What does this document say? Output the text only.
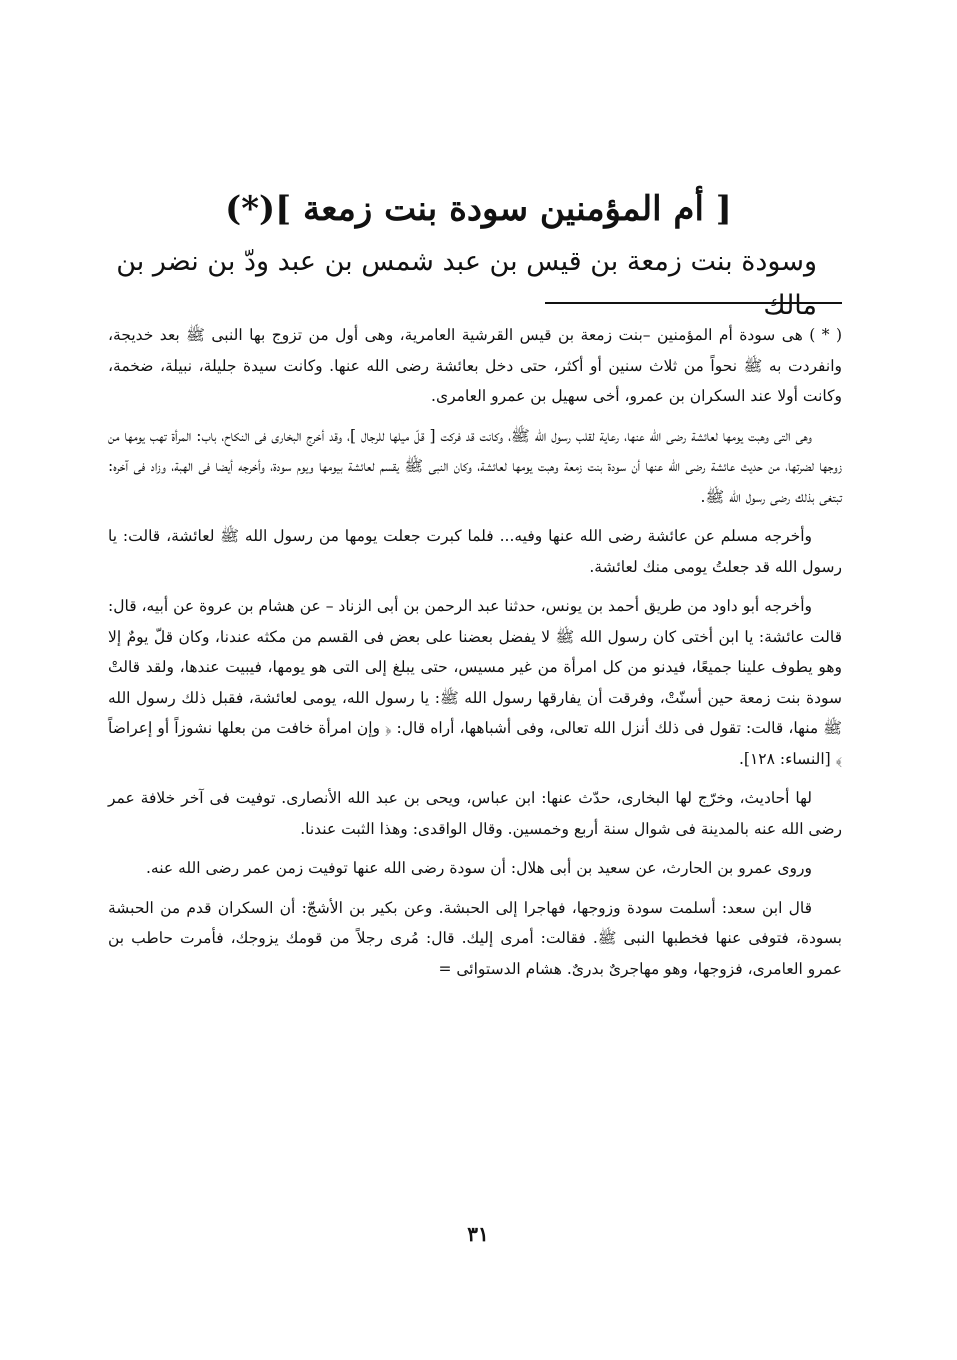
[ أم المؤمنين سودة بنت زمعة ](*)
وسودة بنت زمعة بن قيس بن عبد شمس بن عبد ودّ بن نضر بن مالك

( * ) هى سودة أم المؤمنين –بنت زمعة بن قيس القرشية العامرية، وهى أول من تزوج بها النبى ﷺ بعد خديجة، وانفردت به ﷺ نحواً من ثلاث سنين أو أكثر، حتى دخل بعائشة رضى الله عنها. وكانت سيدة جليلة، نبيلة، ضخمة، وكانت أولا عند السكران بن عمرو، أخى سهيل بن عمرو العامرى.

وهى التى وهبت يومها لعائشة رضى الله عنها، رعاية لقلب رسول الله ﷺ، وكانت قد فركت [ قلّ ميلها للرجال ]، وقد أخرج البخارى فى النكاح، باب: المرأة تهب يومها من زوجها لضرتها، من حديث عائشة رضى الله عنها أن سودة بنت زمعة وهبت يومها لعائشة، وكان النبى ﷺ يقسم لعائشة بيومها ويوم سودة، وأخرجه أيضا فى الهبة، وزاد فى آخره: تبتغى بذلك رضى رسول الله ﷺ.

وأخرجه مسلم عن عائشة رضى الله عنها وفيه... فلما كبرت جعلت يومها من رسول الله ﷺ لعائشة، قالت: يا رسول الله قد جعلتُ يومى منك لعائشة.

وأخرجه أبو داود من طريق أحمد بن يونس، حدثنا عبد الرحمن بن أبى الزناد – عن هشام بن عروة عن أبيه، قال: قالت عائشة: يا ابن أختى كان رسول الله ﷺ لا يفضل بعضنا على بعض فى القسم من مكثه عندنا، وكان قلّ يومٌ إلا وهو يطوف علينا جميعًا، فيدنو من كل امرأة من غير مسيس، حتى يبلغ إلى التى هو يومها، فيبيت عندها، ولقد قالتْ سودة بنت زمعة حين أسنّتْ، وفرقت أن يفارقها رسول الله ﷺ: يا رسول الله، يومى لعائشة، فقبل ذلك رسول الله ﷺ منها، قالت: تقول فى ذلك أنزل الله تعالى، وفى أشباهها، أراه قال: ﴿ وإن امرأة خافت من بعلها نشوزاً أو إعراضاً ﴾ [النساء: ١٢٨].

لها أحاديث، وخرّج لها البخارى، حدّث عنها: ابن عباس، ويحى بن عبد الله الأنصارى. توفيت فى آخر خلافة عمر رضى الله عنه بالمدينة فى شوال سنة أربع وخمسين. وقال الواقدى: وهذا الثبت عندنا.

وروى عمرو بن الحارث، عن سعيد بن أبى هلال: أن سودة رضى الله عنها توفيت زمن عمر رضى الله عنه.

قال ابن سعد: أسلمت سودة وزوجها، فهاجرا إلى الحبشة. وعن بكير بن الأشجّ: أن السكران قدم من الحبشة بسودة، فتوفى عنها فخطبها النبى ﷺ. فقالت: أمرى إليك. قال: مُرى رجلاً من قومك يزوجك، فأمرت حاطب بن عمرو العامرى، فزوجها، وهو مهاجرىٌ بدرىٌ. هشام الدستوائى =

٣١
